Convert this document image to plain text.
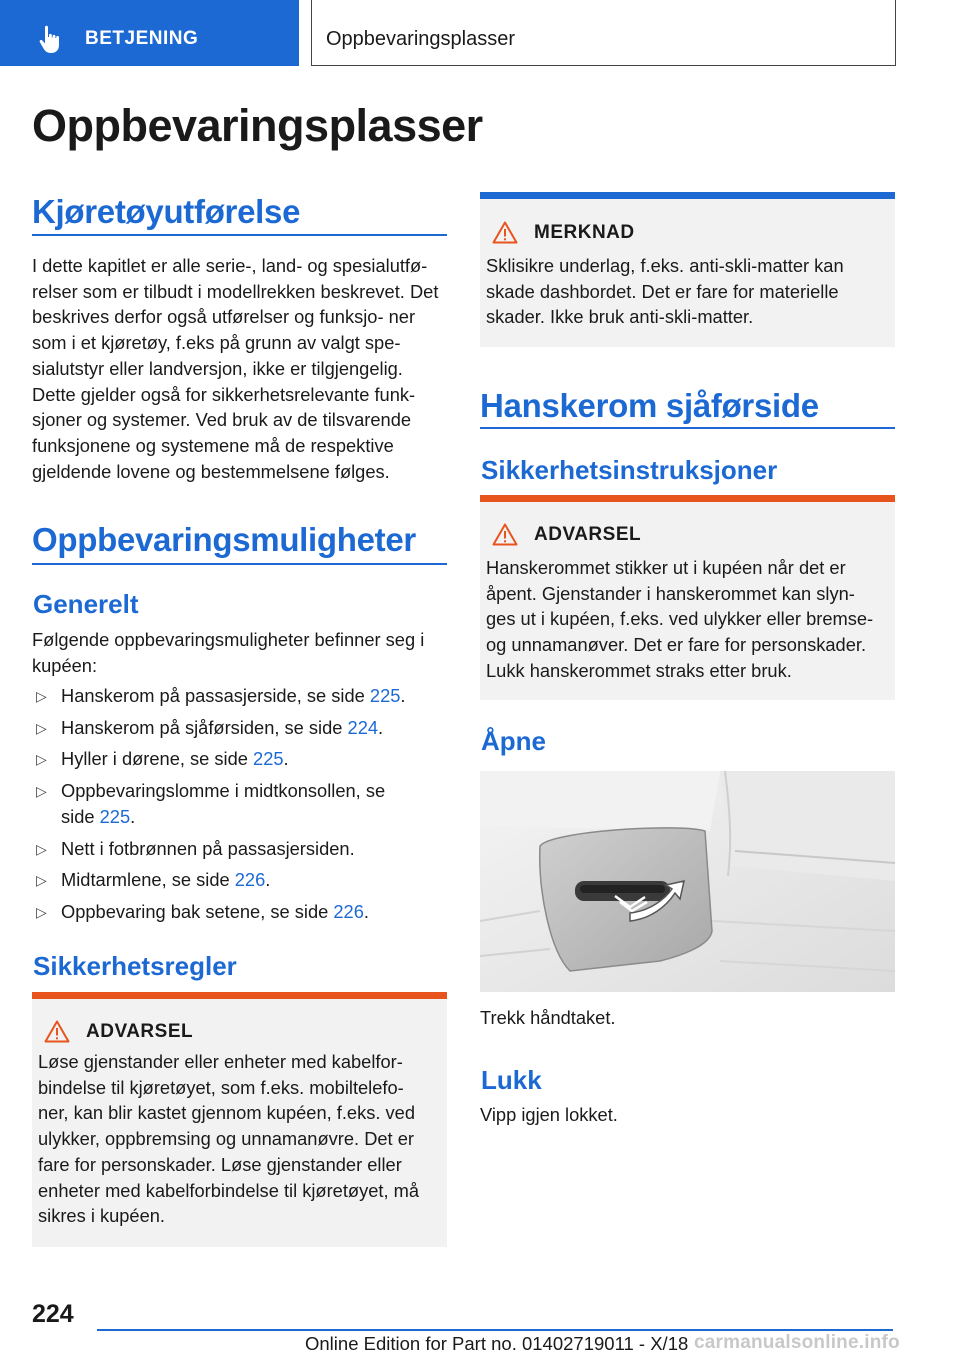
BETJENING	Oppbevaringsplasser
Oppbevaringsplasser
Kjøretøyutførelse

I dette kapitlet er alle serie-, land- og spesialutfø‐ relser som er tilbudt i modellrekken beskrevet. Det beskrives derfor også utførelser og funksjo‐ ner som i et kjøretøy, f.eks på grunn av valgt spe‐ sialutstyr eller landversjon, ikke er tilgjengelig. Dette gjelder også for sikkerhetsrelevante funk‐ sjoner og systemer. Ved bruk av de tilsvarende funksjonene og systemene må de respektive gjeldende lovene og bestemmelsene følges.

Oppbevaringsmuligheter
Generelt

Følgende oppbevaringsmuligheter befinner seg i kupéen:

▷ Hanskerom på passasjerside, se side 225.
▷ Hanskerom på sjåførsiden, se side 224.
▷ Hyller i dørene, se side 225.
▷ Oppbevaringslomme i midtkonsollen, se side 225.
▷ Nett i fotbrønnen på passasjersiden.
▷ Midtarmlene, se side 226.
▷ Oppbevaring bak setene, se side 226.
Sikkerhetsregler
ADVARSEL

Løse gjenstander eller enheter med kabelfor‐ bindelse til kjøretøyet, som f.eks. mobiltelefo‐ ner, kan blir kastet gjennom kupéen, f.eks. ved ulykker, oppbremsing og unnamanøvre. Det er fare for personskader. Løse gjenstander eller enheter med kabelforbindelse til kjøretøyet, må sikres i kupéen.

MERKNAD

Sklisikre underlag, f.eks. anti-skli-matter kan skade dashbordet. Det er fare for materielle skader. Ikke bruk anti-skli-matter.

Hanskerom sjåførside
Sikkerhetsinstruksjoner
ADVARSEL

Hanskerommet stikker ut i kupéen når det er åpent. Gjenstander i hanskerommet kan slyn‐ ges ut i kupéen, f.eks. ved ulykker eller bremse- og unnamanøver. Det er fare for personskader. Lukk hanskerommet straks etter bruk.

Åpne

Trekk håndtaket.

Lukk

Vipp igjen lokket.

224
Online Edition for Part no. 01402719011 - X/18 carmanualsonline.info
